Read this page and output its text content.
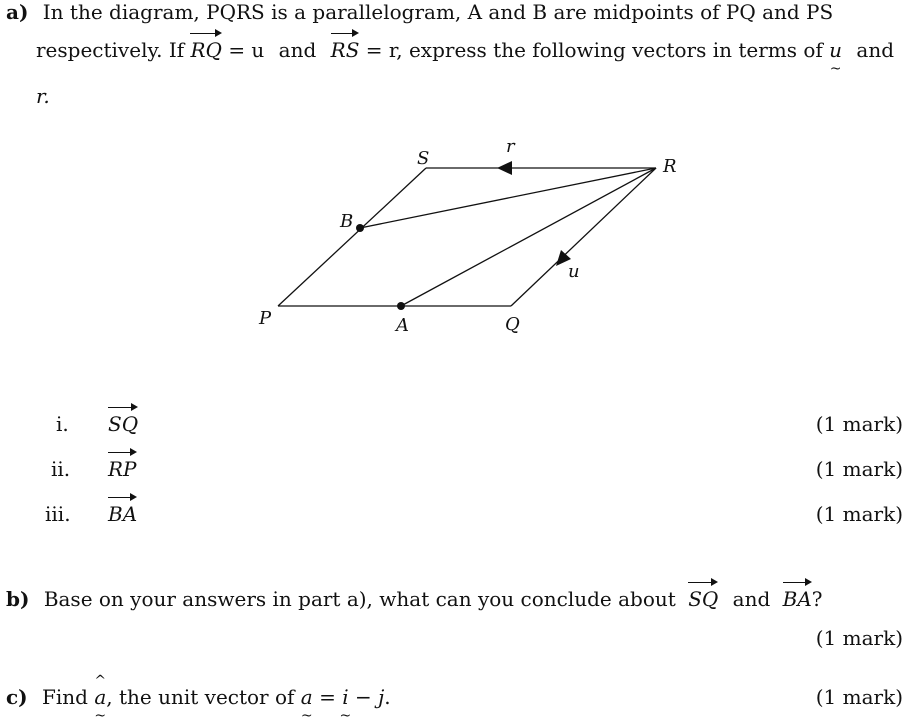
a) In the diagram, PQRS is a parallelogram, A and B are midpoints of PQ and PS
respectively. If RQ = u and RS = r, express the following vectors in terms of u ~ and
r.
P	Q
R
S
A
B
r
u
i. SQ	(1 mark)
ii. RP	(1 mark)
iii. BA	(1 mark)
b) Base on your answers in part a), what can you conclude about SQ and BA?
(1 mark)
c) Find ^ a ~, the unit vector of a ~ = i ~ − j.	(1 mark)
